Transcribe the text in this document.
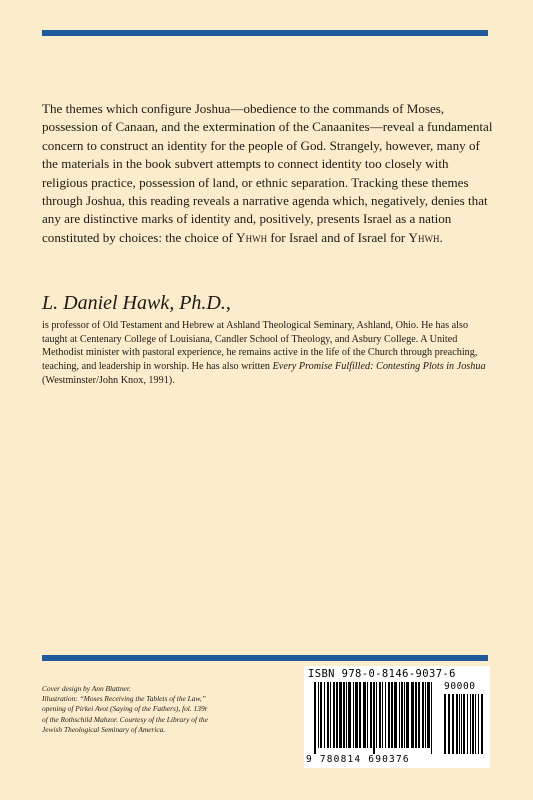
The themes which configure Joshua—obedience to the commands of Moses, possession of Canaan, and the extermination of the Canaanites—reveal a fundamental concern to construct an identity for the people of God. Strangely, however, many of the materials in the book subvert attempts to connect identity too closely with religious practice, possession of land, or ethnic separation. Tracking these themes through Joshua, this reading reveals a narrative agenda which, negatively, denies that any are distinctive marks of identity and, positively, presents Israel as a nation constituted by choices: the choice of Yhwh for Israel and of Israel for Yhwh.

L. Daniel Hawk, Ph.D.,

is professor of Old Testament and Hebrew at Ashland Theological Seminary, Ashland, Ohio. He has also taught at Centenary College of Louisiana, Candler School of Theology, and Asbury College. A United Methodist minister with pastoral experience, he remains active in the life of the Church through preaching, teaching, and leadership in worship. He has also written Every Promise Fulfilled: Contesting Plots in Joshua (Westminster/John Knox, 1991).

Cover design by Ann Blattner.
Illustration: “Moses Receiving the Tablets of the Law,”
opening of Pirkei Avot (Saying of the Fathers), fol. 139r
of the Rothschild Mahzor. Courtesy of the Library of the
Jewish Theological Seminary of America.

ISBN 978-0-8146-9037-6
90000
9 780814 690376
